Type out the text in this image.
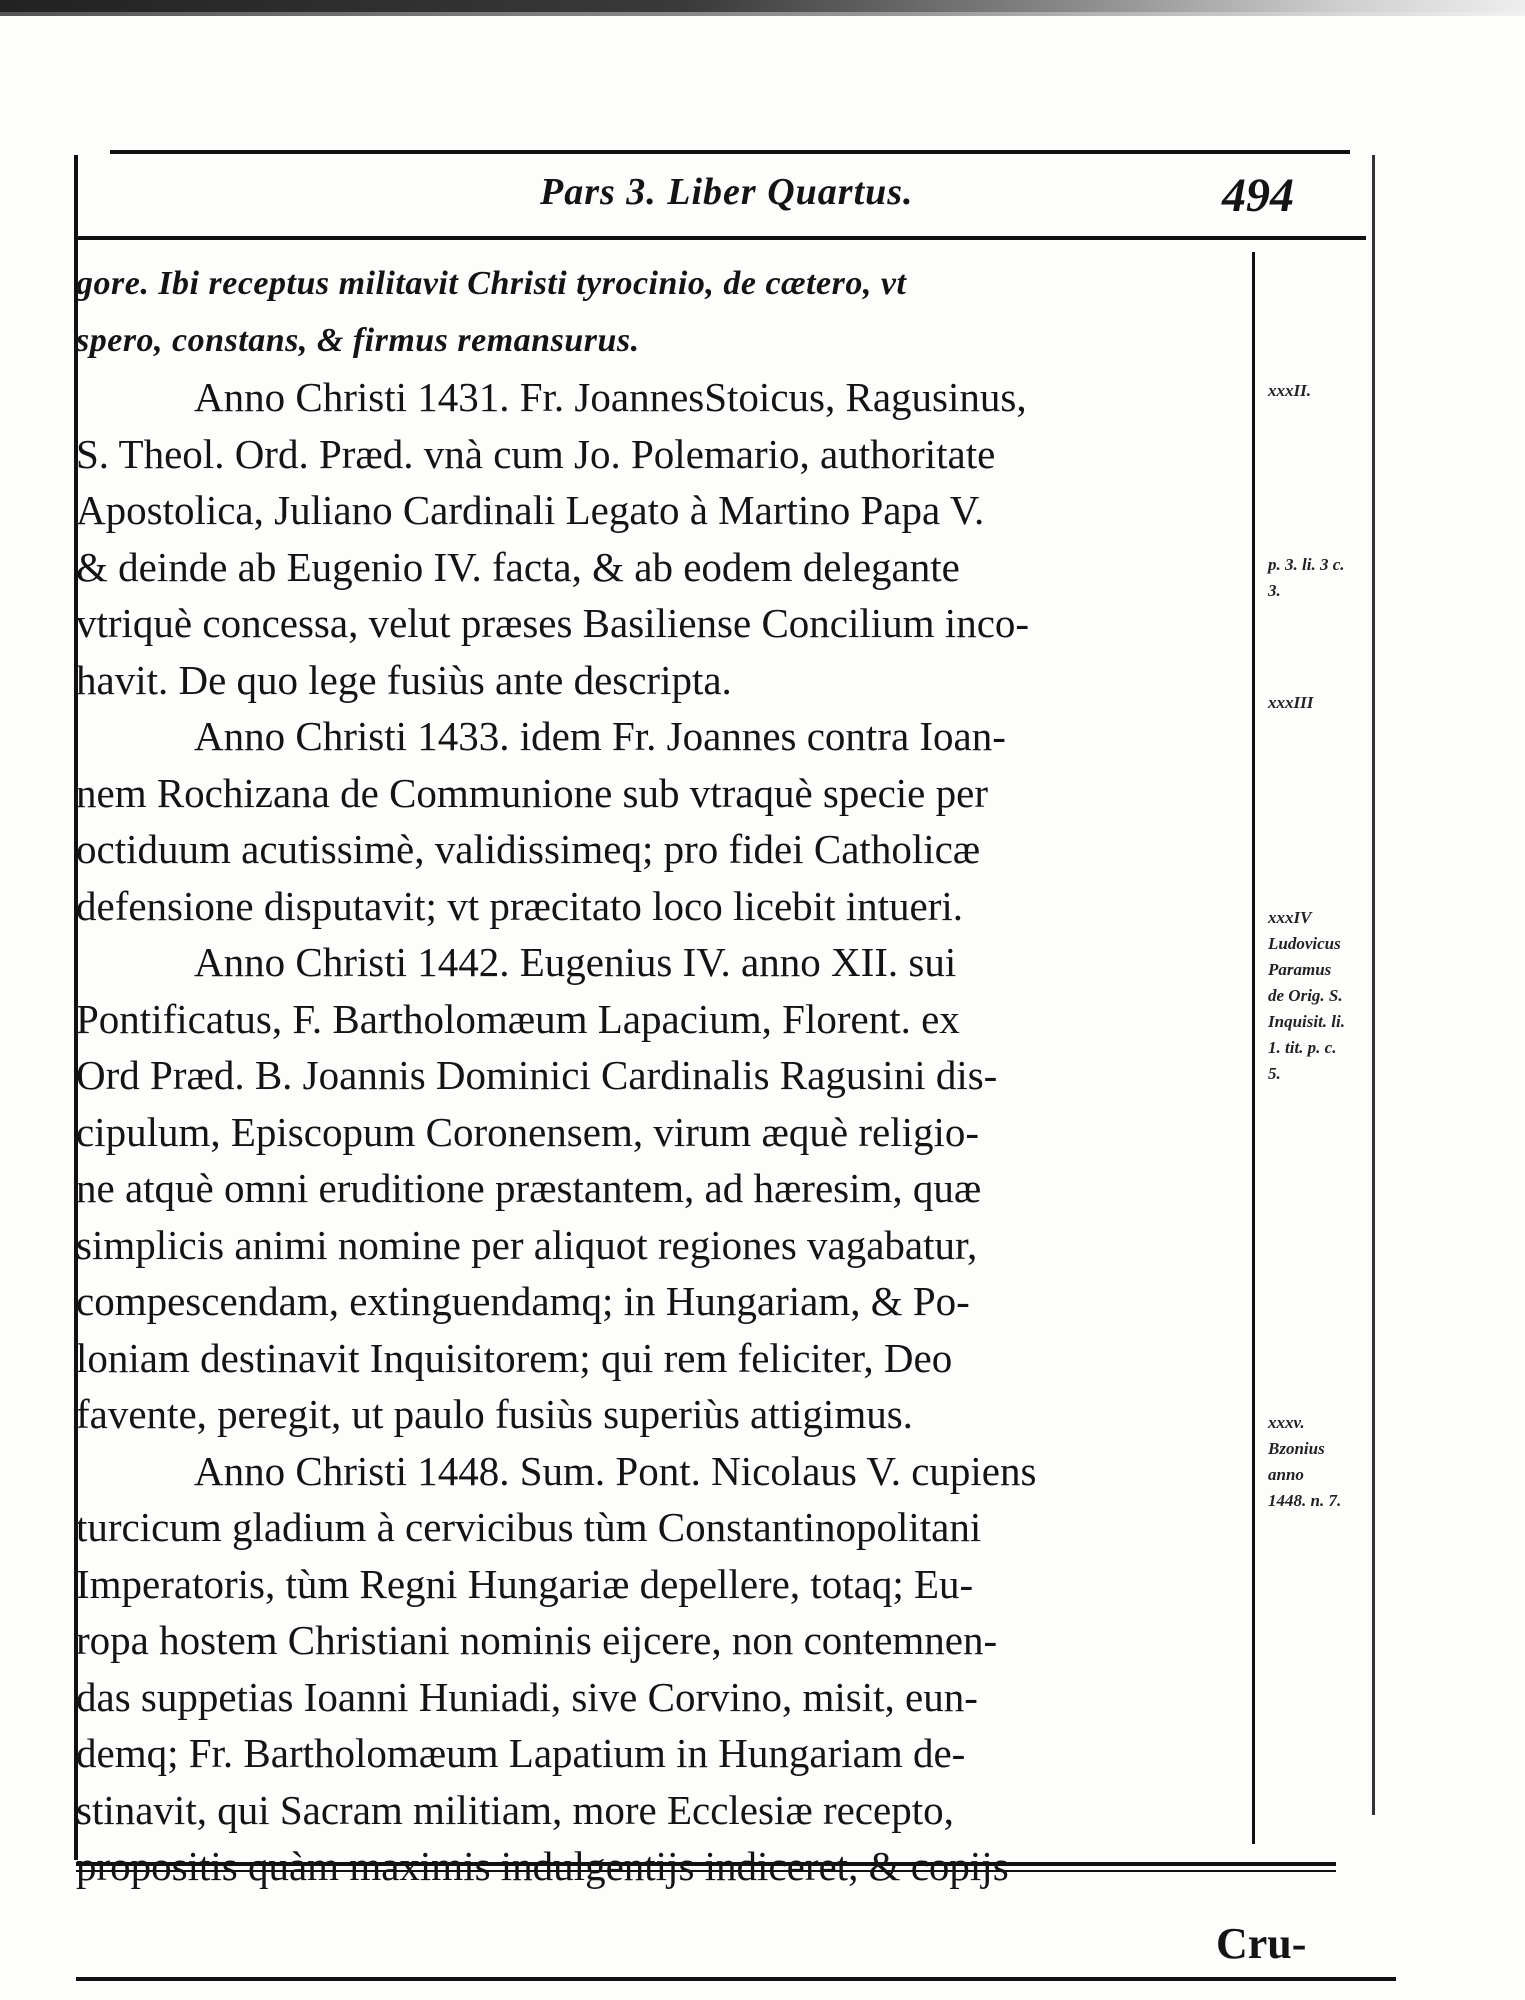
Pars 3. Liber Quartus.	494
gore. Ibi receptus militavit Christi tyrocinio, de cætero, vt
spero, constans, & firmus remansurus.
Anno Christi 1431. Fr. JoannesStoicus, Ragusinus,
S. Theol. Ord. Præd. vnà cum Jo. Polemario, authoritate
Apostolica, Juliano Cardinali Legato à Martino Papa V.
& deinde ab Eugenio IV. facta, & ab eodem delegante
vtriquè concessa, velut præses Basiliense Concilium inco-
havit. De quo lege fusiùs ante descripta.
Anno Christi 1433. idem Fr. Joannes contra Ioan-
nem Rochizana de Communione sub vtraquè specie per
octiduum acutissimè, validissimeq; pro fidei Catholicæ
defensione disputavit; vt præcitato loco licebit intueri.
Anno Christi 1442. Eugenius IV. anno XII. sui
Pontificatus, F. Bartholomæum Lapacium, Florent. ex
Ord Præd. B. Joannis Dominici Cardinalis Ragusini dis-
cipulum, Episcopum Coronensem, virum æquè religio-
ne atquè omni eruditione præstantem, ad hæresim, quæ
simplicis animi nomine per aliquot regiones vagabatur,
compescendam, extinguendamq; in Hungariam, & Po-
loniam destinavit Inquisitorem; qui rem feliciter, Deo
favente, peregit, ut paulo fusiùs superiùs attigimus.
Anno Christi 1448. Sum. Pont. Nicolaus V. cupiens
turcicum gladium à cervicibus tùm Constantinopolitani
Imperatoris, tùm Regni Hungariæ depellere, totaq; Eu-
ropa hostem Christiani nominis eijcere, non contemnen-
das suppetias Ioanni Huniadi, sive Corvino, misit, eun-
demq; Fr. Bartholomæum Lapatium in Hungariam de-
stinavit, qui Sacram militiam, more Ecclesiæ recepto,
propositis quàm maximis indulgentijs indiceret, & copijs
xxxII.
p. 3. li. 3 c. 3.
xxxIII
xxxIV Ludovicus Paramus de Orig. S. Inquisit. li. 1. tit. p. c. 5.
xxxv. Bzonius anno 1448. n. 7.
Cru-
